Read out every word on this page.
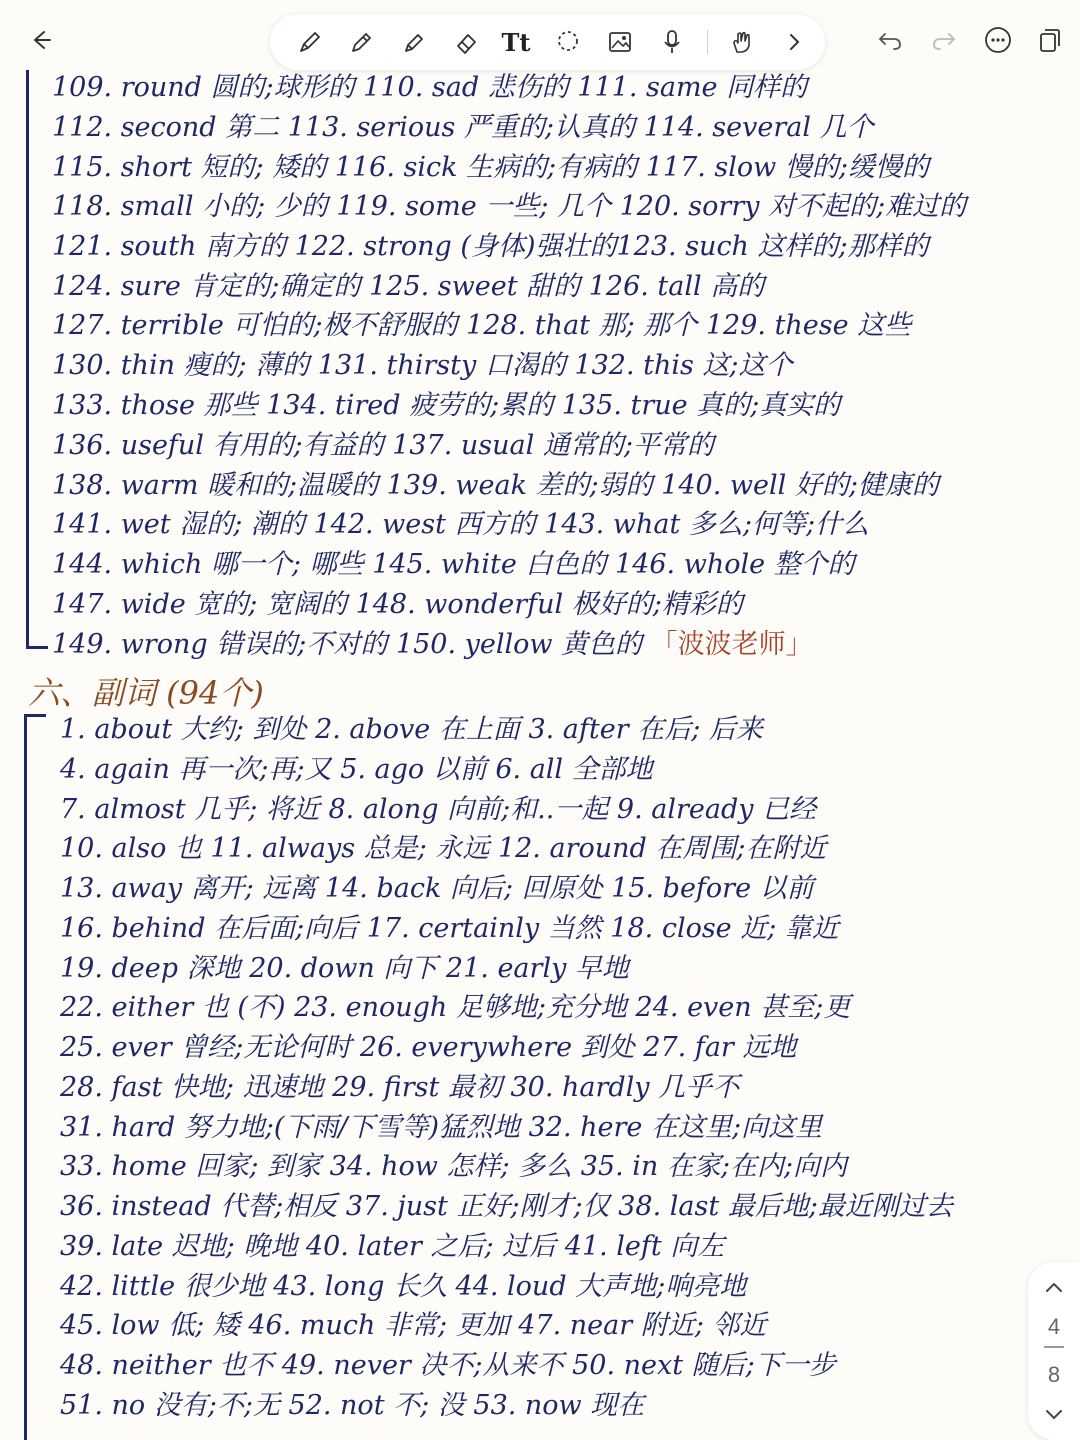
Tt
109. round 圆的;球形的 110. sad 悲伤的 111. same 同样的
112. second 第二 113. serious 严重的;认真的 114. several 几个
115. short 短的; 矮的 116. sick 生病的;有病的 117. slow 慢的;缓慢的
118. small 小的; 少的 119. some 一些; 几个 120. sorry 对不起的;难过的
121. south 南方的 122. strong (身体)强壮的123. such 这样的;那样的
124. sure 肯定的;确定的 125. sweet 甜的 126. tall 高的
127. terrible 可怕的;极不舒服的 128. that 那; 那个 129. these 这些
130. thin 瘦的; 薄的 131. thirsty 口渴的 132. this 这;这个
133. those 那些 134. tired 疲劳的;累的 135. true 真的;真实的
136. useful 有用的;有益的 137. usual 通常的;平常的
138. warm 暖和的;温暖的 139. weak 差的;弱的 140. well 好的;健康的
141. wet 湿的; 潮的 142. west 西方的 143. what 多么;何等;什么
144. which 哪一个; 哪些 145. white 白色的 146. whole 整个的
147. wide 宽的; 宽阔的 148. wonderful 极好的;精彩的
149. wrong 错误的;不对的 150. yellow 黄色的 「波波老师」
六、副词 (94个)
1. about 大约; 到处 2. above 在上面 3. after 在后; 后来
4. again 再一次;再;又 5. ago 以前 6. all 全部地
7. almost 几乎; 将近 8. along 向前;和..一起 9. already 已经
10. also 也 11. always 总是; 永远 12. around 在周围;在附近
13. away 离开; 远离 14. back 向后; 回原处 15. before 以前
16. behind 在后面;向后 17. certainly 当然 18. close 近; 靠近
19. deep 深地 20. down 向下 21. early 早地
22. either 也 (不) 23. enough 足够地;充分地 24. even 甚至;更
25. ever 曾经;无论何时 26. everywhere 到处 27. far 远地
28. fast 快地; 迅速地 29. first 最初 30. hardly 几乎不
31. hard 努力地;(下雨/下雪等)猛烈地 32. here 在这里;向这里
33. home 回家; 到家 34. how 怎样; 多么 35. in 在家;在内;向内
36. instead 代替;相反 37. just 正好;刚才;仅 38. last 最后地;最近刚过去
39. late 迟地; 晚地 40. later 之后; 过后 41. left 向左
42. little 很少地 43. long 长久 44. loud 大声地;响亮地
45. low 低; 矮 46. much 非常; 更加 47. near 附近; 邻近
48. neither 也不 49. never 决不;从来不 50. next 随后;下一步
51. no 没有;不;无 52. not 不; 没 53. now 现在
4
8
